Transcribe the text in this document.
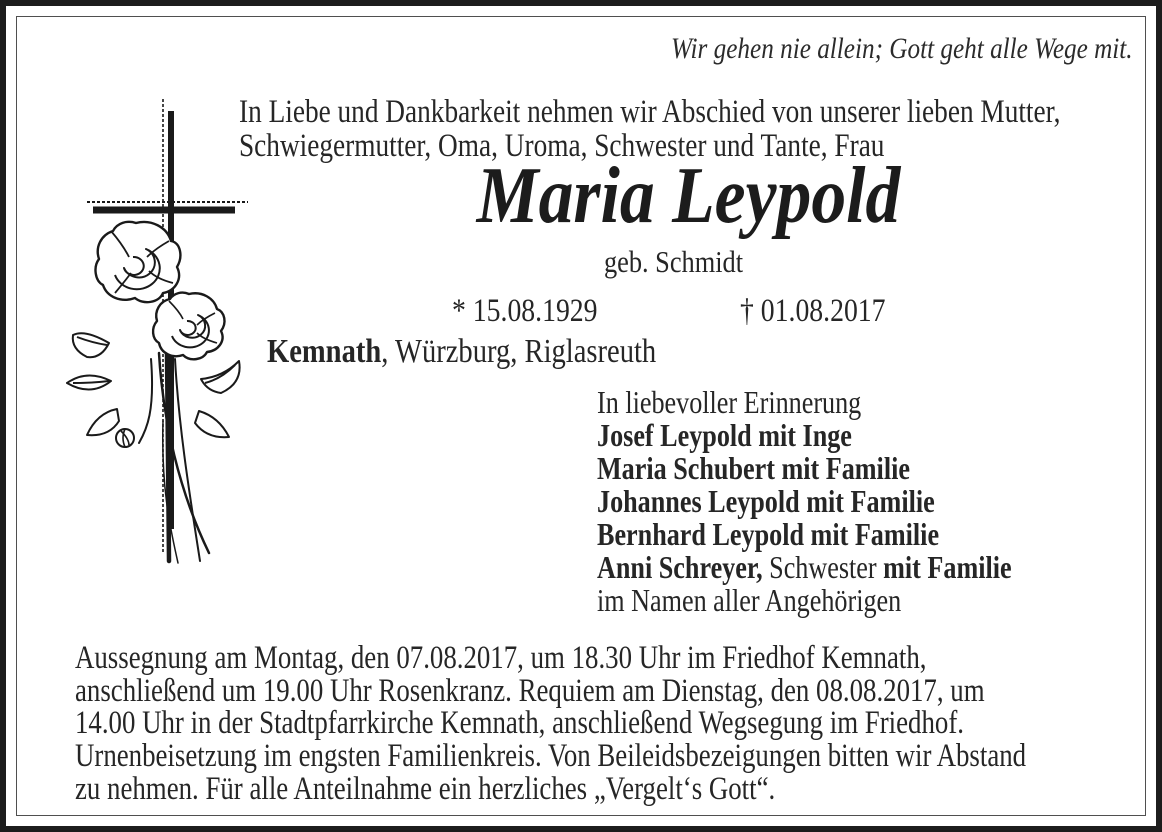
Wir gehen nie allein; Gott geht alle Wege mit.
In Liebe und Dankbarkeit nehmen wir Abschied von unserer lieben Mutter,
Schwiegermutter, Oma, Uroma, Schwester und Tante, Frau
Maria Leypold
geb. Schmidt
* 15.08.1929	† 01.08.2017
Kemnath, Würzburg, Riglasreuth
In liebevoller Erinnerung
Josef Leypold mit Inge
Maria Schubert mit Familie
Johannes Leypold mit Familie
Bernhard Leypold mit Familie
Anni Schreyer, Schwester mit Familie
im Namen aller Angehörigen
Aussegnung am Montag, den 07.08.2017, um 18.30 Uhr im Friedhof Kemnath,
anschließend um 19.00 Uhr Rosenkranz. Requiem am Dienstag, den 08.08.2017, um
14.00 Uhr in der Stadtpfarrkirche Kemnath, anschließend Wegsegung im Friedhof.
Urnenbeisetzung im engsten Familienkreis. Von Beileidsbezeigungen bitten wir Abstand
zu nehmen. Für alle Anteilnahme ein herzliches „Vergelt‘s Gott“.
